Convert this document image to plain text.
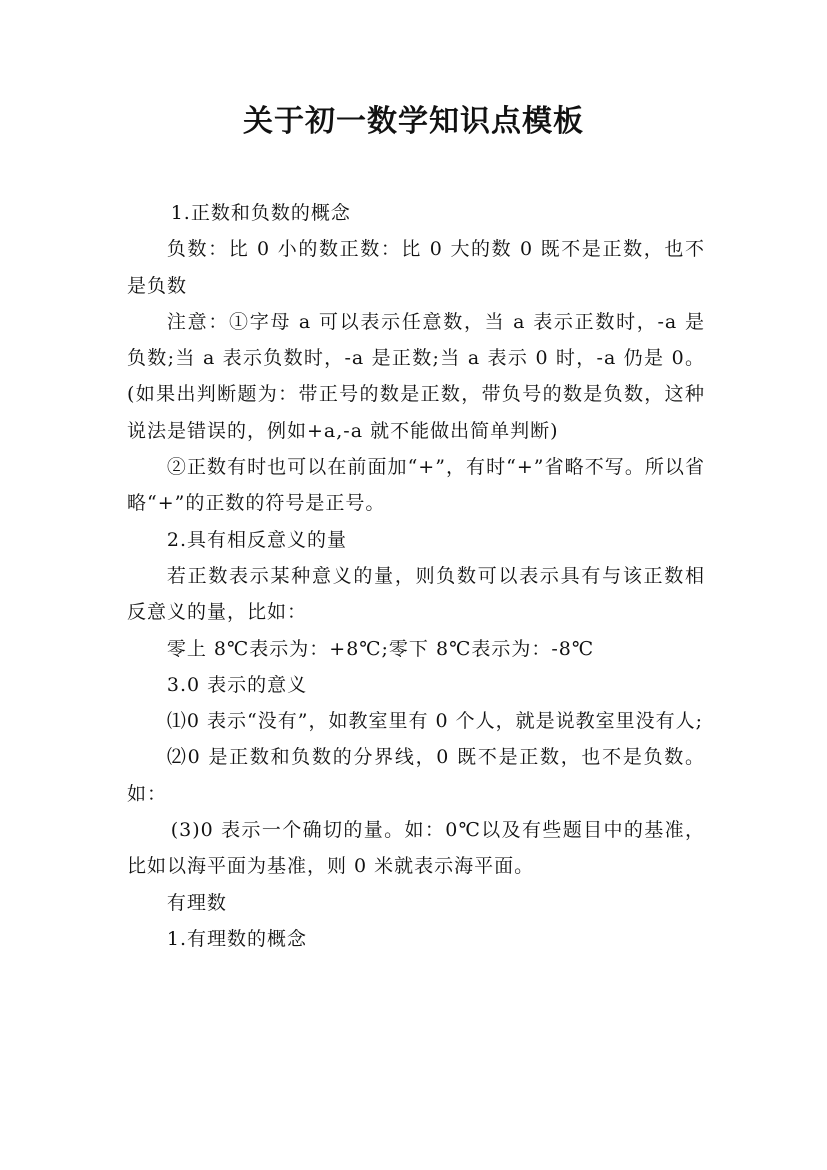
关于初一数学知识点模板

1.正数和负数的概念

负数：比 0 小的数正数：比 0 大的数 0 既不是正数，也不是负数

注意：①字母 a 可以表示任意数，当 a 表示正数时，-a 是负数;当 a 表示负数时，-a 是正数;当 a 表示 0 时，-a 仍是 0。(如果出判断题为：带正号的数是正数，带负号的数是负数，这种说法是错误的，例如+a,-a 就不能做出简单判断)

②正数有时也可以在前面加“+”，有时“+”省略不写。所以省略“+”的正数的符号是正号。

2.具有相反意义的量

若正数表示某种意义的量，则负数可以表示具有与该正数相反意义的量，比如：

零上 8℃表示为：+8℃;零下 8℃表示为：-8℃

3.0 表示的意义

⑴0 表示“没有”，如教室里有 0 个人，就是说教室里没有人;

⑵0 是正数和负数的分界线，0 既不是正数，也不是负数。如：

(3)0 表示一个确切的量。如：0℃以及有些题目中的基准，比如以海平面为基准，则 0 米就表示海平面。

有理数

1.有理数的概念
